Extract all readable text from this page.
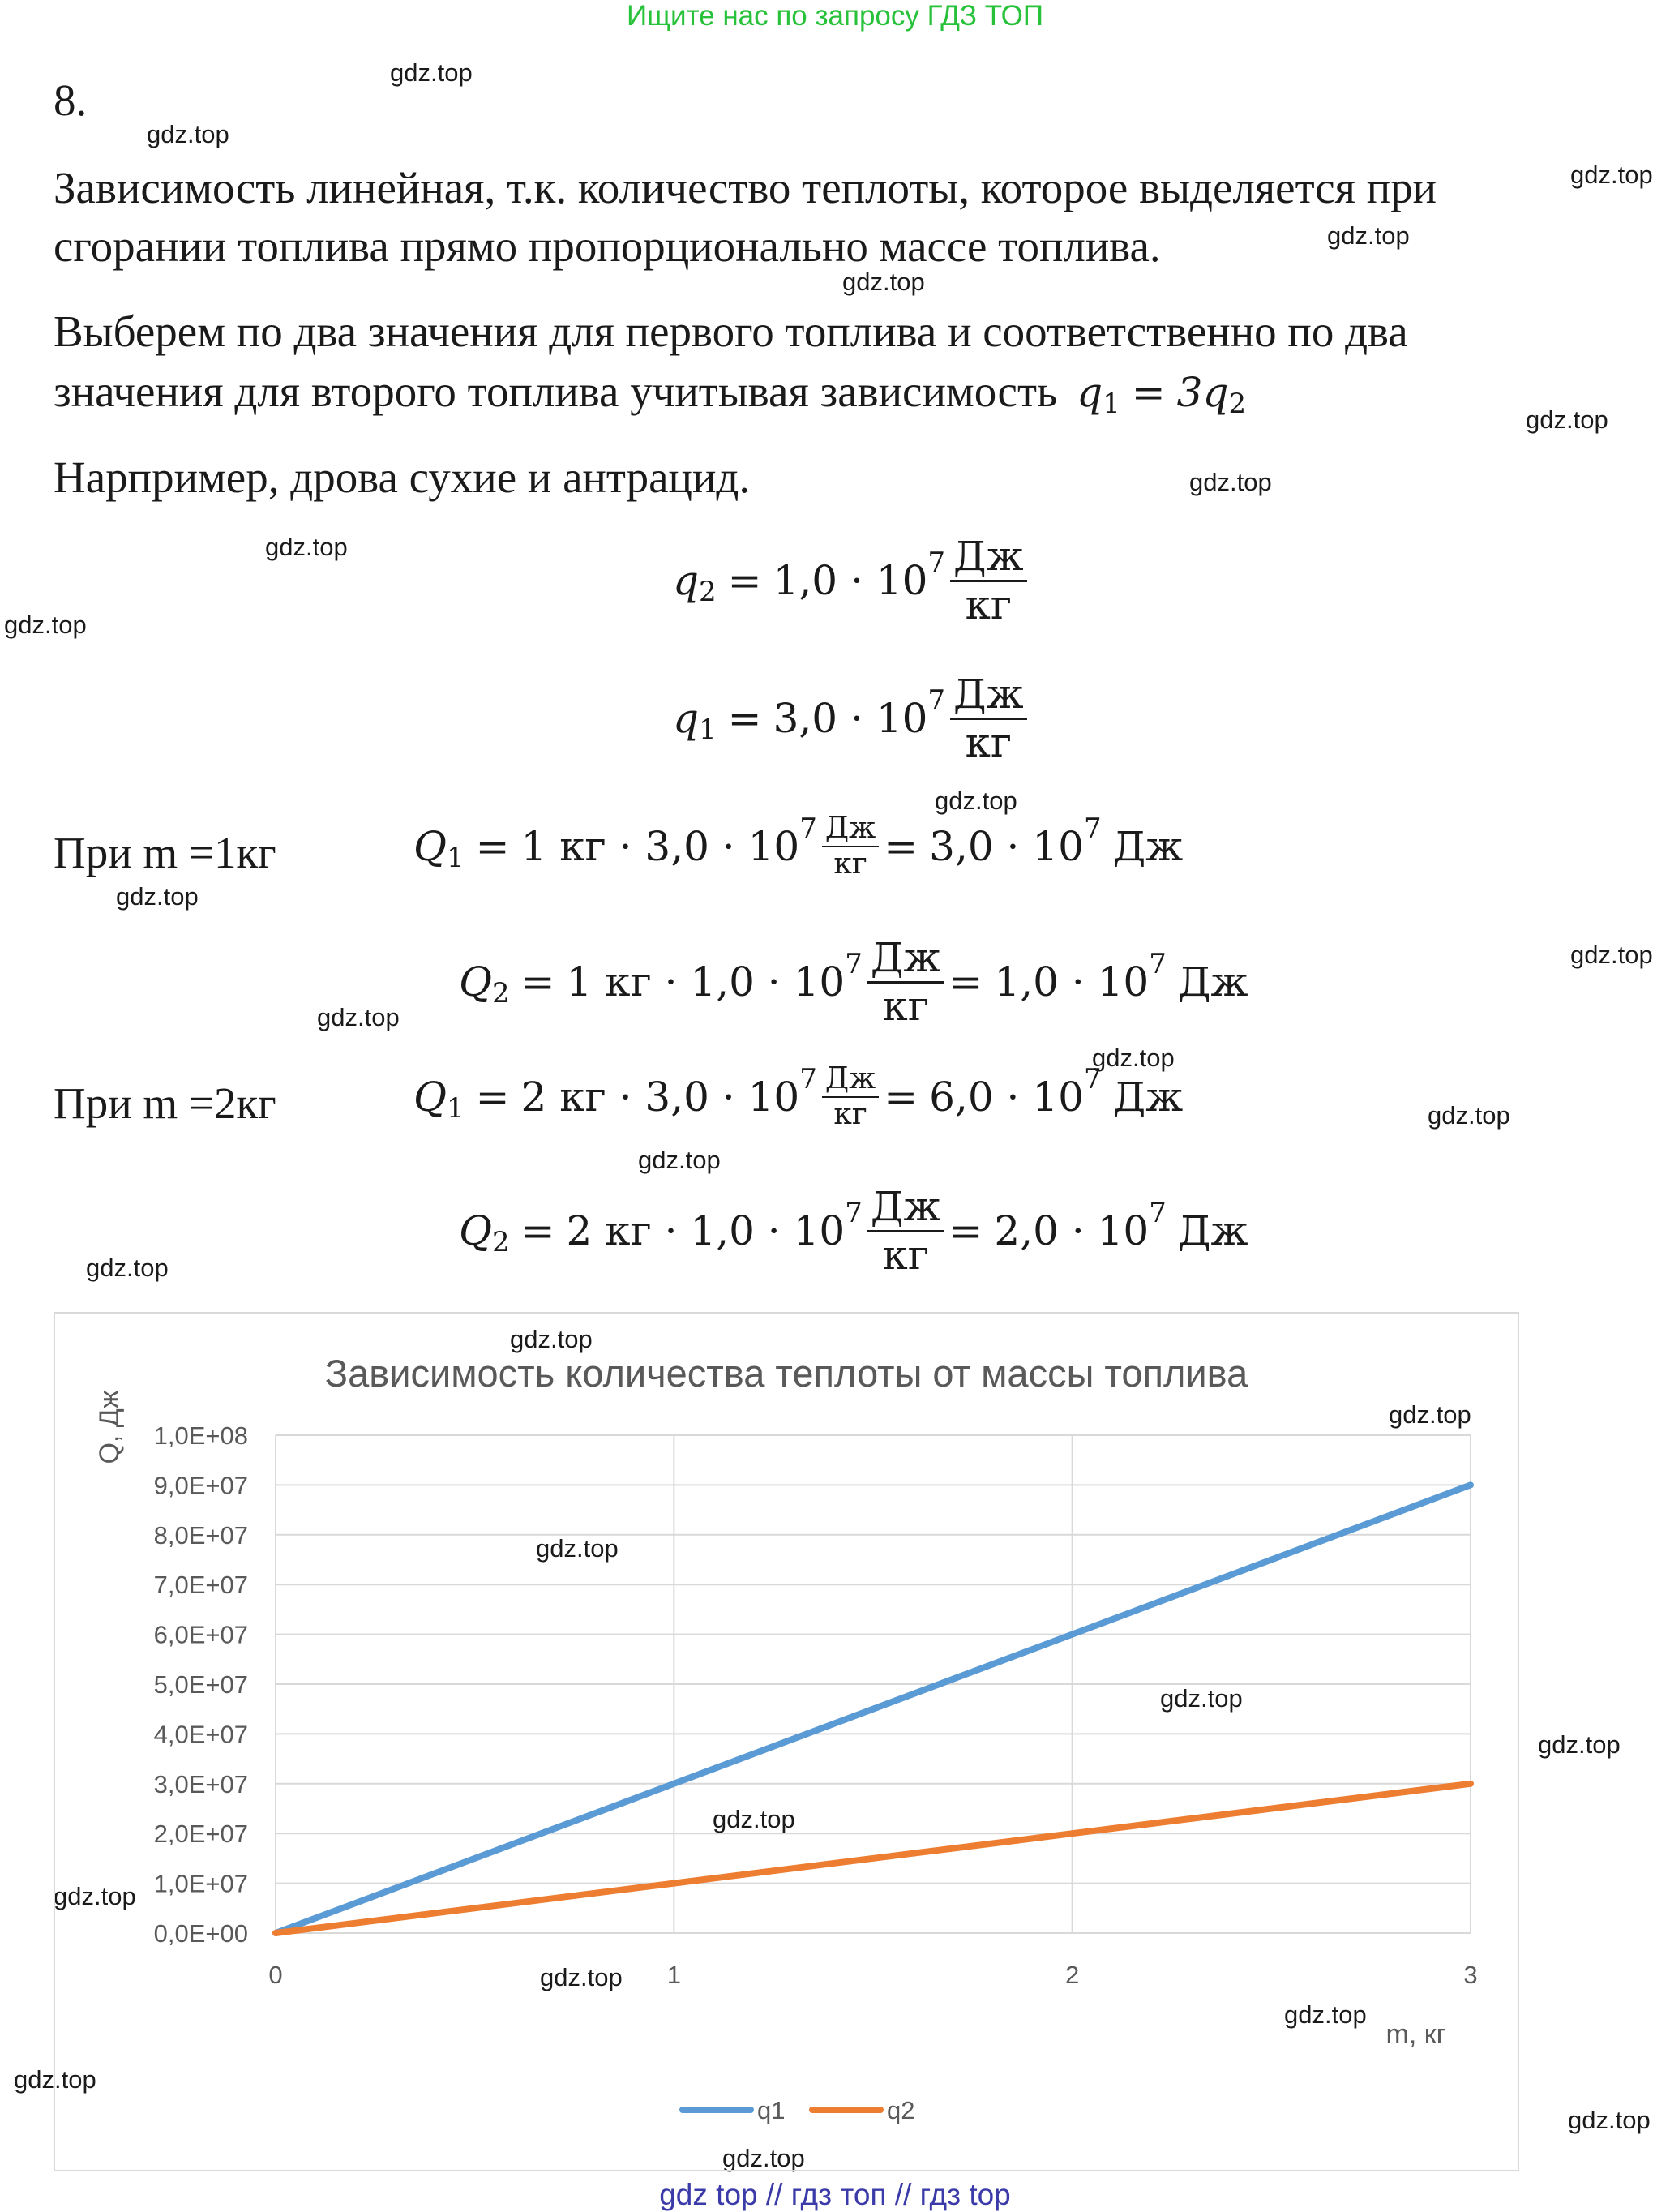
Ищите нас по запросу ГДЗ ТОП
gdz.top
gdz.top
gdz.top
gdz.top
gdz.top
gdz.top
gdz.top
gdz.top
gdz.top
gdz.top
gdz.top
gdz.top
gdz.top
gdz.top
gdz.top
gdz.top
gdz.top
gdz.top
gdz.top
gdz.top
gdz.top
gdz.top
gdz.top
gdz.top
gdz.top
gdz.top
gdz.top
gdz.top
gdz.top
8.
Зависимость линейная, т.к. количество теплоты, которое выделяется при
сгорании топлива прямо пропорционально массе топлива.
Выберем по два значения для первого топлива и соответственно по два
значения для второго топлива учитывая зависимость q 1 = 3q 2
Нарпример, дрова сухие и антрацид.
q 2 = 1,0 · 10 $7 \frac{Дж}{кг}$
q 1 = 3,0 · 10 $7 \frac{Дж}{кг}$
При m =1кг	Q 1 = 1 кг · 3,0 · 10 $7 \frac{Дж}{кг} = 3,0 \cdot 10$ 7 Дж
Q 2 = 1 кг · 1,0 · 10 $7 \frac{Дж}{кг} = 1,0 \cdot 10$ 7 Дж
При m =2кг	Q 1 = 2 кг · 3,0 · 10 $7 \frac{Дж}{кг} = 6,0 \cdot 10$ 7 Дж
Q 2 = 2 кг · 1,0 · 10 $7 \frac{Дж}{кг} = 2,0 \cdot 10$ 7 Дж
Зависимость количества теплоты от массы топлива
Q, Дж
m, кг
0,0E+00
1,0E+07
2,0E+07
3,0E+07
4,0E+07
5,0E+07
6,0E+07
7,0E+07
8,0E+07
9,0E+07
1,0E+08
0	1	2	3
q1	q2
gdz top // гдз топ // гдз top
